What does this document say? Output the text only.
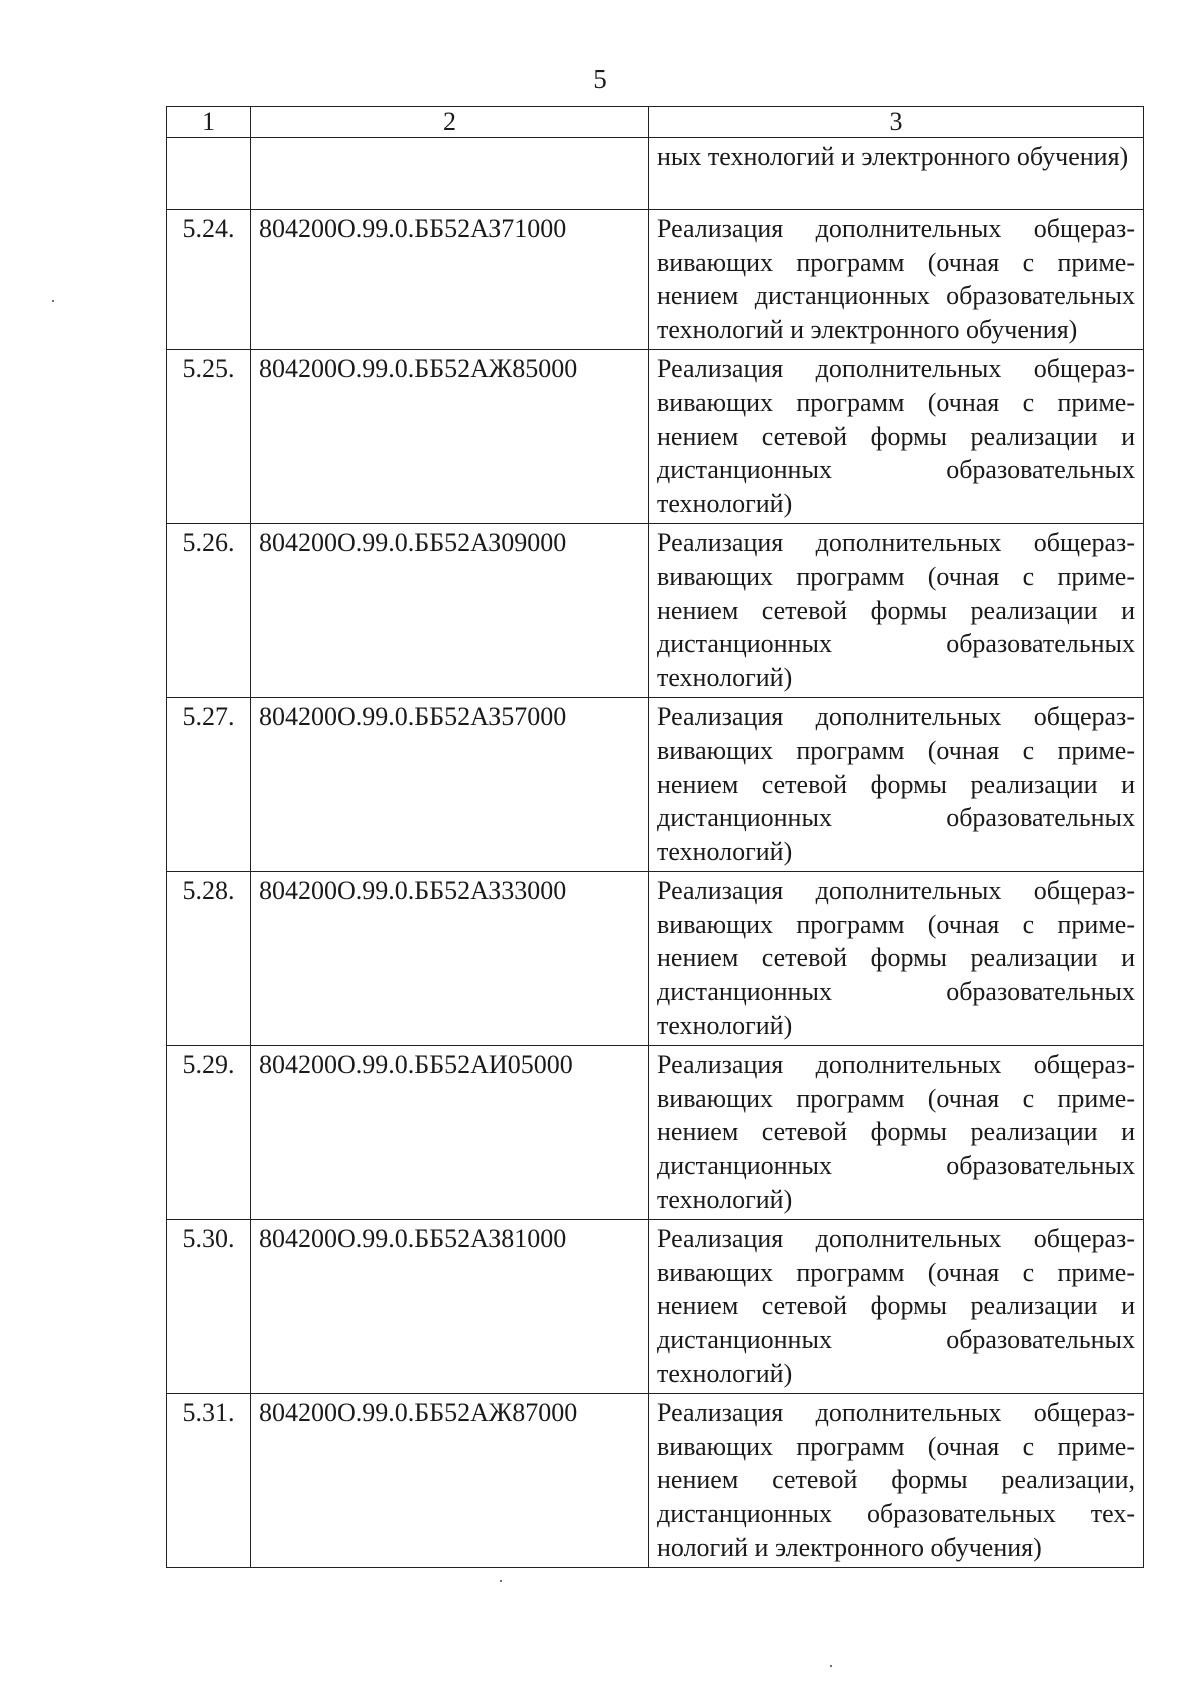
5
1	2	3
		ных технологий и электронного обучения)
5.24.	804200О.99.0.ББ52АЗ71000	Реализация дополнительных общеразвивающих программ (очная с применением дистанционных образовательных технологий и электронного обучения)
5.25.	804200О.99.0.ББ52АЖ85000	Реализация дополнительных общеразвивающих программ (очная с применением сетевой формы реализации и дистанционных образовательных технологий)
5.26.	804200О.99.0.ББ52АЗ09000	Реализация дополнительных общеразвивающих программ (очная с применением сетевой формы реализации и дистанционных образовательных технологий)
5.27.	804200О.99.0.ББ52АЗ57000	Реализация дополнительных общеразвивающих программ (очная с применением сетевой формы реализации и дистанционных образовательных технологий)
5.28.	804200О.99.0.ББ52АЗ33000	Реализация дополнительных общеразвивающих программ (очная с применением сетевой формы реализации и дистанционных образовательных технологий)
5.29.	804200О.99.0.ББ52АИ05000	Реализация дополнительных общеразвивающих программ (очная с применением сетевой формы реализации и дистанционных образовательных технологий)
5.30.	804200О.99.0.ББ52АЗ81000	Реализация дополнительных общеразвивающих программ (очная с применением сетевой формы реализации и дистанционных образовательных технологий)
5.31.	804200О.99.0.ББ52АЖ87000	Реализация дополнительных общеразвивающих программ (очная с применением сетевой формы реализации, дистанционных образовательных технологий и электронного обучения)
